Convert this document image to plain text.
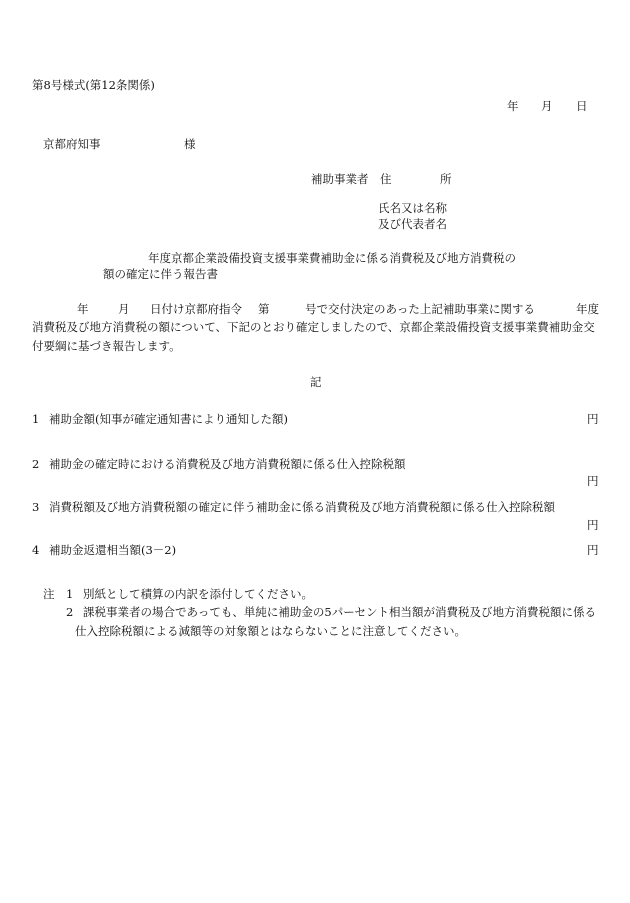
第8号様式(第12条関係)
年 月 日
京都府知事	様
補助事業者 住	所
氏名又は名称
及び代表者名
年度京都企業設備投資支援事業費補助金に係る消費税及び地方消費税の
額の確定に伴う報告書
年	月 日付け京都府指令 第	号で交付決定のあった上記補助事業に関する	年度
消費税及び地方消費税の額について、下記のとおり確定しましたので、京都企業設備投資支援事業費補助金交
付要綱に基づき報告します。
記
1 補助金額(知事が確定通知書により通知した額)	円
2 補助金の確定時における消費税及び地方消費税額に係る仕入控除税額
円
3 消費税額及び地方消費税額の確定に伴う補助金に係る消費税及び地方消費税額に係る仕入控除税額
円
4 補助金返還相当額(3－2)	円
注 1 別紙として積算の内訳を添付してください。
2 課税事業者の場合であっても、単純に補助金の5パーセント相当額が消費税及び地方消費税額に係る
仕入控除税額による減額等の対象額とはならないことに注意してください。
